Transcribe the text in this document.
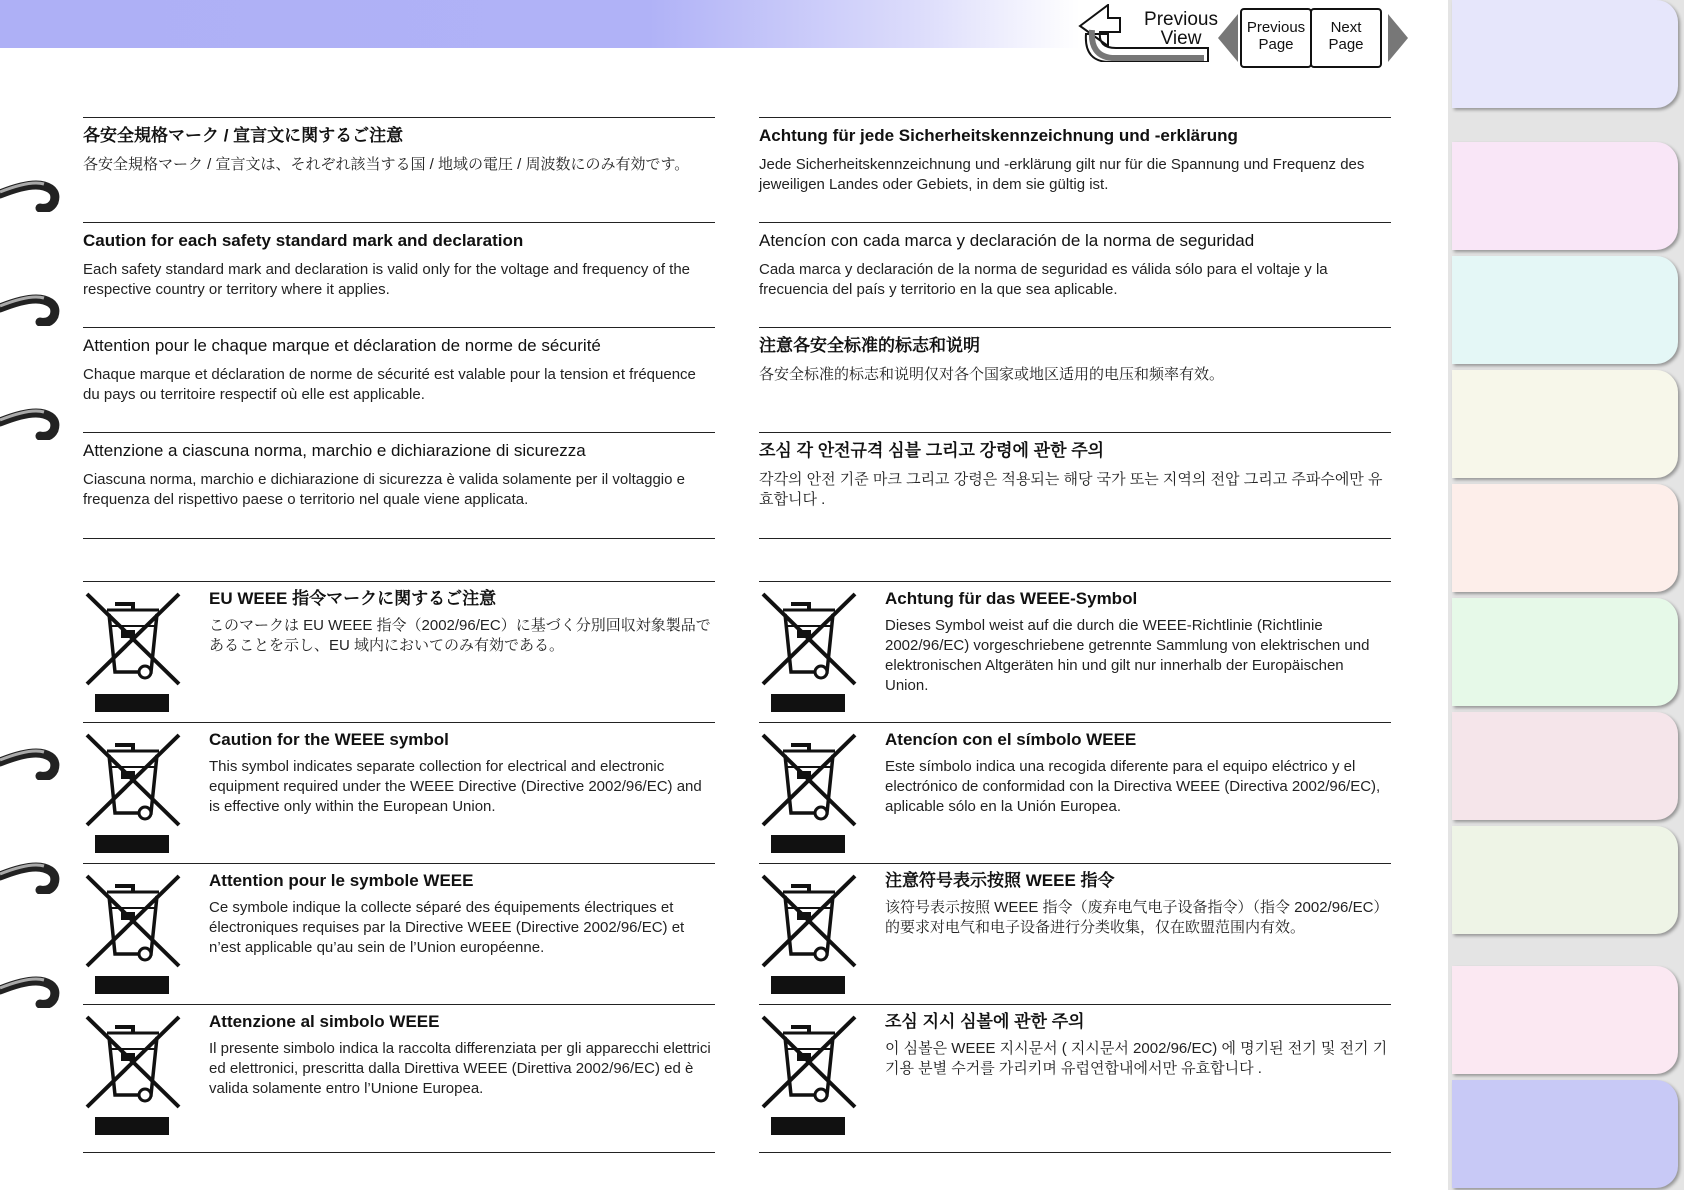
Previous
View
Previous
Page
Next
Page
各安全規格マーク / 宣言文に関するご注意

各安全規格マーク / 宣言文は、それぞれ該当する国 / 地域の電圧 / 周波数にのみ有効です。

Caution for each safety standard mark and declaration

Each safety standard mark and declaration is valid only for the voltage and frequency of the respective country or territory where it applies.

Attention pour le chaque marque et déclaration de norme de sécurité

Chaque marque et déclaration de norme de sécurité est valable pour la tension et fréquence du pays ou territoire respectif où elle est applicable.

Attenzione a ciascuna norma, marchio e dichiarazione di sicurezza

Ciascuna norma, marchio e dichiarazione di sicurezza è valida solamente per il voltaggio e frequenza del rispettivo paese o territorio nel quale viene applicata.

EU WEEE 指令マークに関するご注意

このマークは EU WEEE 指令（2002/96/EC）に基づく分別回収対象製品であることを示し、EU 域内においてのみ有効である。

Caution for the WEEE symbol

This symbol indicates separate collection for electrical and electronic equipment required under the WEEE Directive (Directive 2002/96/EC) and is effective only within the European Union.

Attention pour le symbole WEEE

Ce symbole indique la collecte séparé des équipements électriques et électroniques requises par la Directive WEEE (Directive 2002/96/EC) et n’est applicable qu’au sein de l’Union européenne.

Attenzione al simbolo WEEE

Il presente simbolo indica la raccolta differenziata per gli apparecchi elettrici ed elettronici, prescritta dalla Direttiva WEEE (Direttiva 2002/96/EC) ed è valida solamente entro l’Unione Europea.

Achtung für jede Sicherheitskennzeichnung und -erklärung

Jede Sicherheitskennzeichnung und -erklärung gilt nur für die Spannung und Frequenz des jeweiligen Landes oder Gebiets, in dem sie gültig ist.

Atencíon con cada marca y declaración de la norma de seguridad

Cada marca y declaración de la norma de seguridad es válida sólo para el voltaje y la frecuencia del país y territorio en la que sea aplicable.

注意各安全标准的标志和说明

各安全标准的标志和说明仅对各个国家或地区适用的电压和频率有效。

조심 각 안전규격 심블 그리고 강령에 관한 주의

각각의 안전 기준 마크 그리고 강령은 적용되는 해당 국가 또는 지역의 전압 그리고 주파수에만 유효합니다 .

Achtung für das WEEE-Symbol

Dieses Symbol weist auf die durch die WEEE-Richtlinie (Richtlinie 2002/96/EC) vorgeschriebene getrennte Sammlung von elektrischen und elektronischen Altgeräten hin und gilt nur innerhalb der Europäischen Union.

Atencíon con el símbolo WEEE

Este símbolo indica una recogida diferente para el equipo eléctrico y el electrónico de conformidad con la Directiva WEEE (Directiva 2002/96/EC), aplicable sólo en la Unión Europea.

注意符号表示按照 WEEE 指令

该符号表示按照 WEEE 指令（废弃电气电子设备指令）（指令 2002/96/EC）的要求对电气和电子设备进行分类收集，仅在欧盟范围内有效。

조심 지시 심볼에 관한 주의

이 심볼은 WEEE 지시문서 ( 지시문서 2002/96/EC) 에 명기된 전기 및 전기 기기용 분별 수거를 가리키며 유럽연합내에서만 유효합니다 .
